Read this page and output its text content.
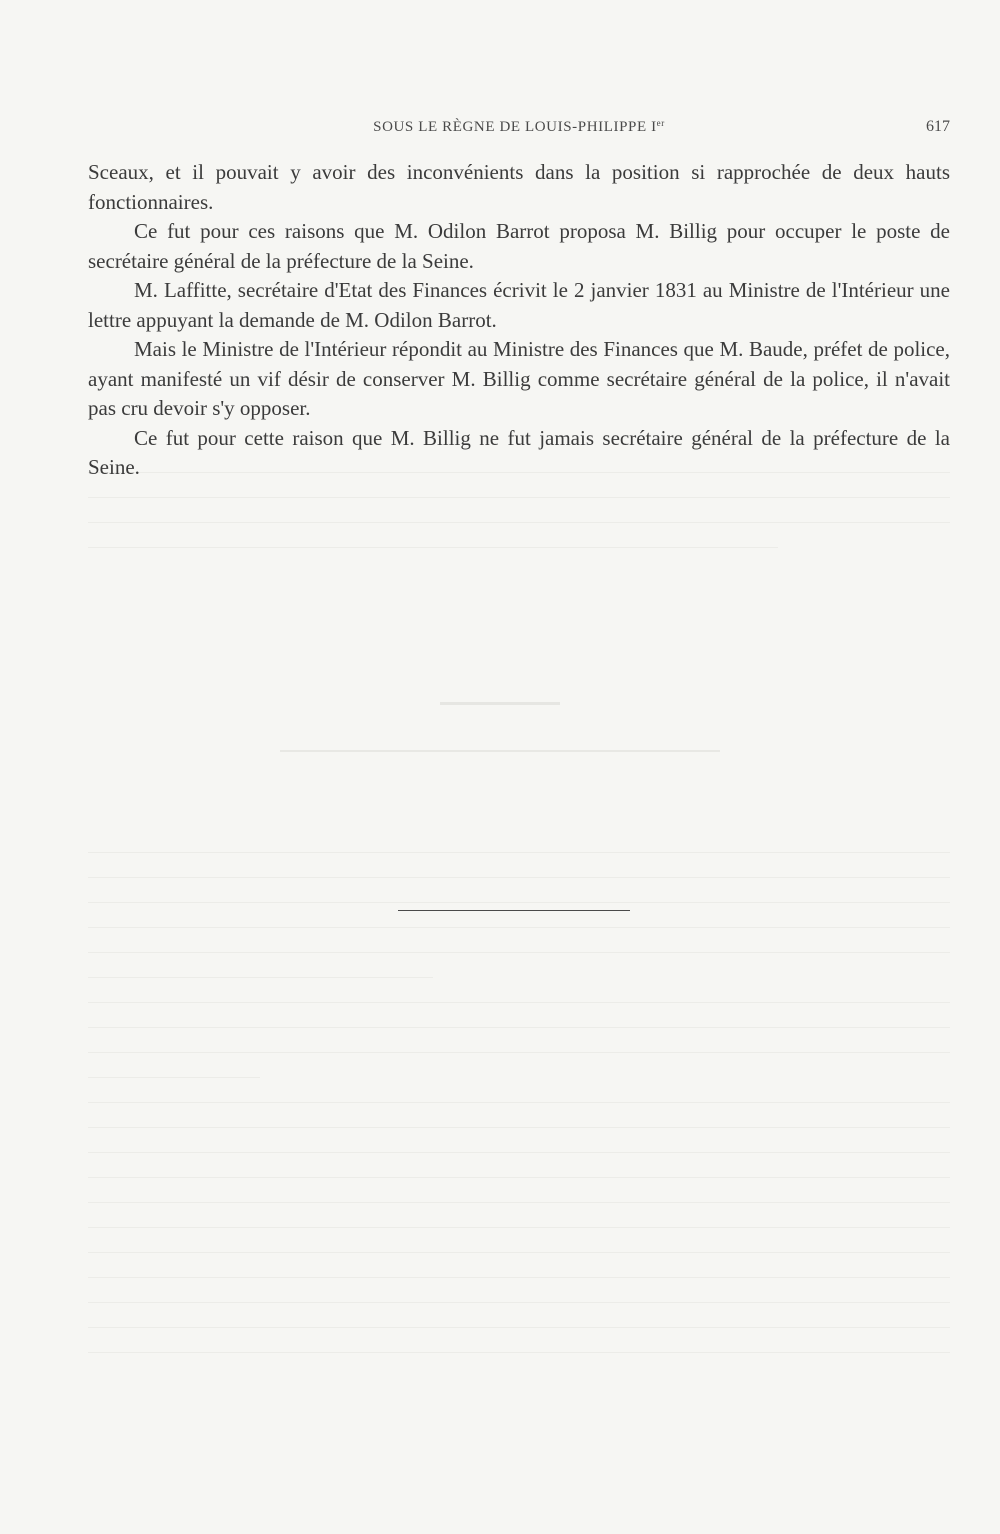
SOUS LE RÈGNE DE LOUIS-PHILIPPE Ier	617

Sceaux, et il pouvait y avoir des inconvénients dans la position si rapprochée de deux hauts fonctionnaires.

Ce fut pour ces raisons que M. Odilon Barrot proposa M. Billig pour occuper le poste de secrétaire général de la préfecture de la Seine.

M. Laffitte, secrétaire d'Etat des Finances écrivit le 2 janvier 1831 au Ministre de l'Intérieur une lettre appuyant la demande de M. Odilon Barrot.

Mais le Ministre de l'Intérieur répondit au Ministre des Finances que M. Baude, préfet de police, ayant manifesté un vif désir de conserver M. Billig comme secrétaire général de la police, il n'avait pas cru devoir s'y opposer.

Ce fut pour cette raison que M. Billig ne fut jamais secrétaire général de la préfecture de la Seine.
